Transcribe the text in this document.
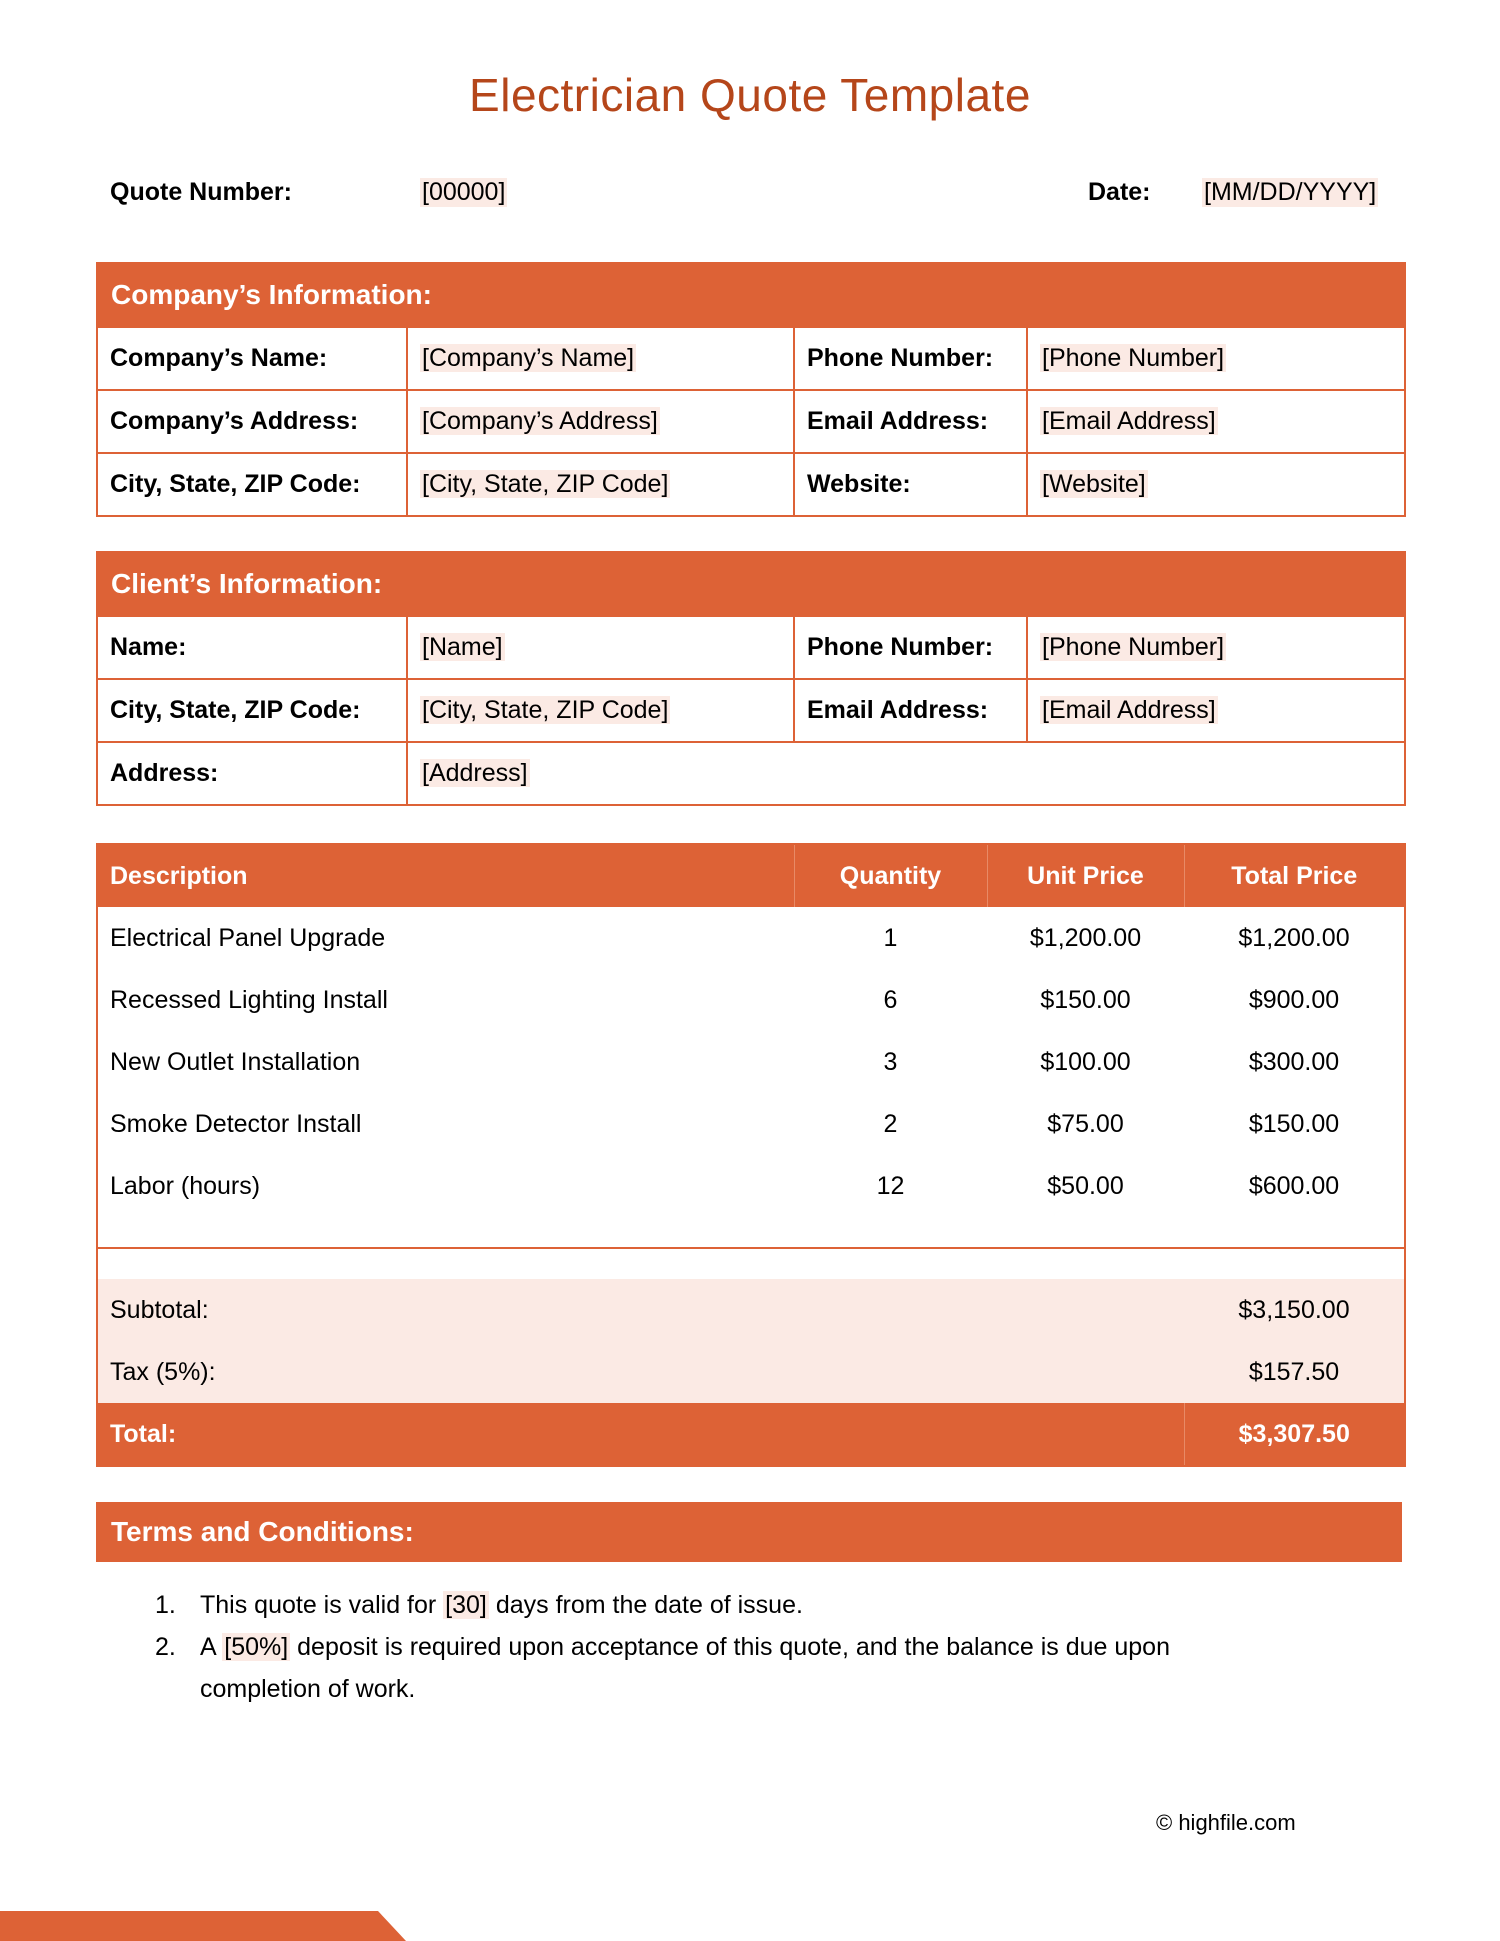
Electrician Quote Template
Quote Number:	[00000]	Date: [MM/DD/YYYY]
Company’s Information:
Company’s Name:	[Company’s Name]	Phone Number:	[Phone Number]
Company’s Address:	[Company’s Address]	Email Address:	[Email Address]
City, State, ZIP Code:	[City, State, ZIP Code]	Website:	[Website]
Client’s Information:
Name:	[Name]	Phone Number:	[Phone Number]
City, State, ZIP Code:	[City, State, ZIP Code]	Email Address:	[Email Address]
Address:	[Address]		
Description	Quantity	Unit Price	Total Price
Electrical Panel Upgrade	1	$1,200.00	$1,200.00
Recessed Lighting Install	6	$150.00	$900.00
New Outlet Installation	3	$100.00	$300.00
Smoke Detector Install	2	$75.00	$150.00
Labor (hours)	12	$50.00	$600.00

Subtotal:			$3,150.00
Tax (5%):			$157.50
Total:			$3,307.50
Terms and Conditions:
1. This quote is valid for [30] days from the date of issue.
2. A [50%] deposit is required upon acceptance of this quote, and the balance is due upon completion of work.
© highfile.com
